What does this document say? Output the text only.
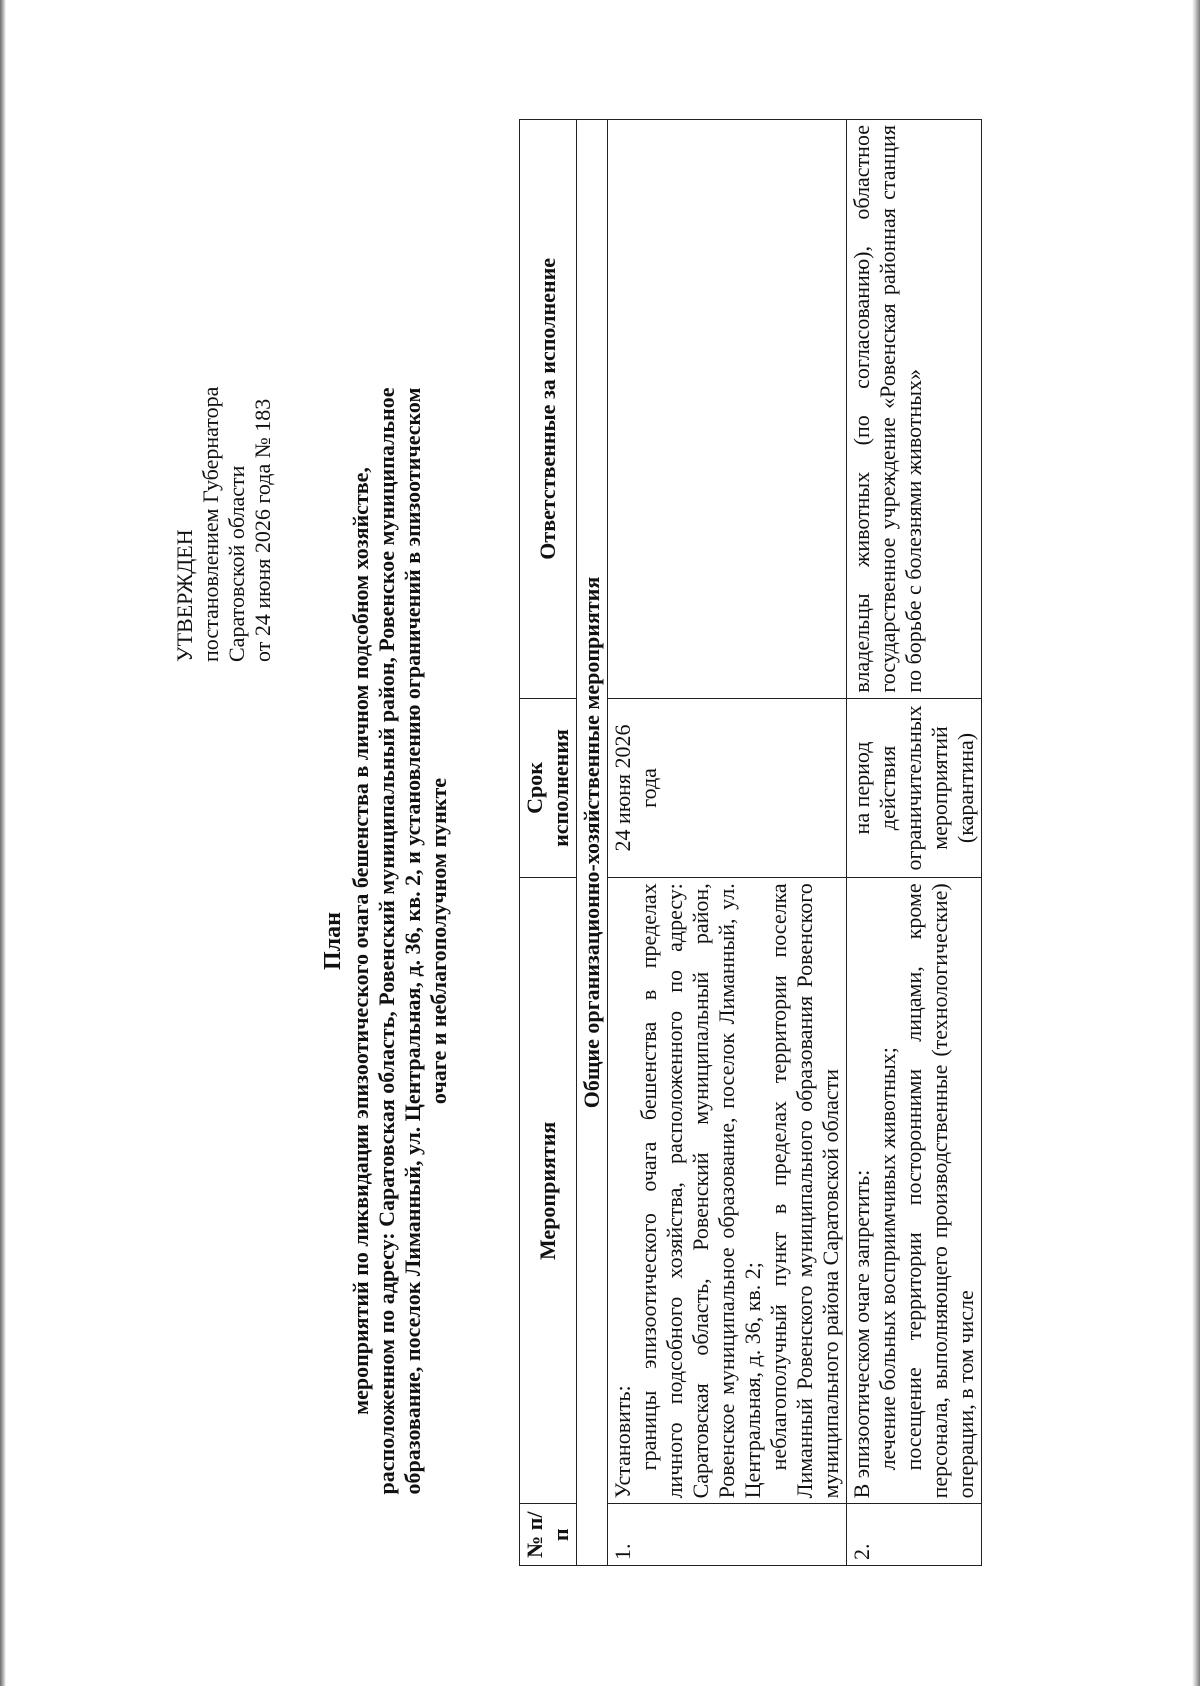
УТВЕРЖДЕН постановлением Губернатора Саратовской области от 24 июня 2026 года № 183
План мероприятий по ликвидации эпизоотического очага бешенства в личном подсобном хозяйстве, расположенном по адресу: Саратовская область, Ровенский муниципальный район, Ровенское муниципальное образование, поселок Лиманный, ул. Центральная, д. 36, кв. 2, и установлению ограничений в эпизоотическом очаге и неблагополучном пункте
№ п/п	Мероприятия	Срок исполнения	Ответственные за исполнение
Общие организационно-хозяйственные мероприятия			
1.	Установить: границы эпизоотического очага бешенства в пределах личного подсобного хозяйства, расположенного по адресу: Саратовская область, Ровенский муниципальный район, Ровенское муниципальное образование, поселок Лиманный, ул. Центральная, д. 36, кв. 2; неблагополучный пункт в пределах территории поселка Лиманный Ровенского муниципального образования Ровенского муниципального района Саратовской области	24 июня 2026 года	
2.	В эпизоотическом очаге запретить: лечение больных восприимчивых животных; посещение территории посторонними лицами, кроме персонала, выполняющего производственные (технологические) операции, в том числе	на период действия ограничительных мероприятий (карантина)	владельцы животных (по согласованию), областное государственное учреждение «Ровенская районная станция по борьбе с болезнями животных»
